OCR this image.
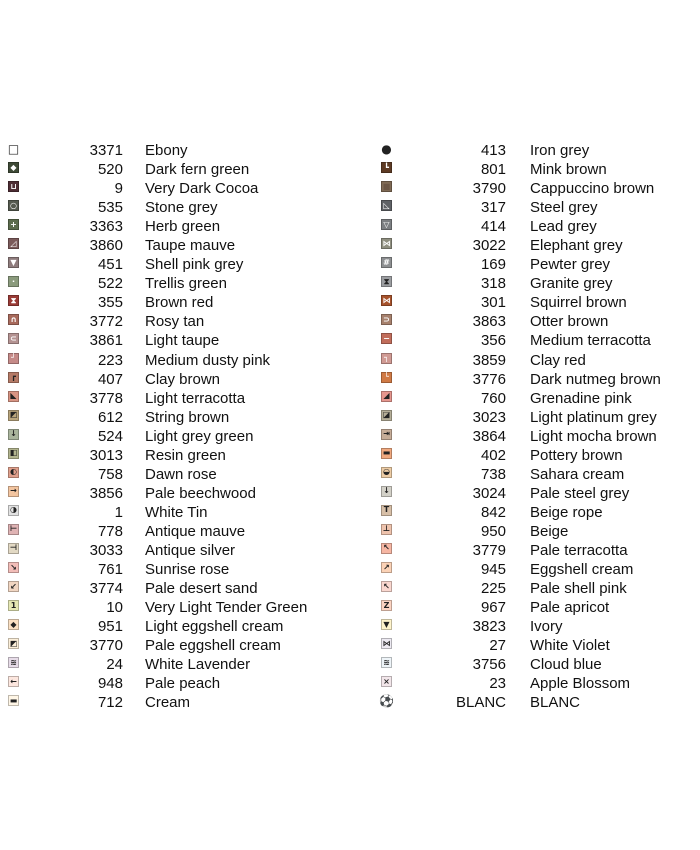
□	3371 Ebony
◆	520 Dark fern green
⊔	9 Very Dark Cocoa
○	535 Stone grey
+	3363 Herb green
◿	3860 Taupe mauve
▼	451 Shell pink grey
·	522 Trellis green
⧗	355 Brown red
∩	3772 Rosy tan
⊂	3861 Light taupe
┘	223 Medium dusty pink
┏	407 Clay brown
◣	3778 Light terracotta
◩	612 String brown
↓	524 Light grey green
◧	3013 Resin green
◐	758 Dawn rose
→	3856 Pale beechwood
◑	1 White Tin
⊢	778 Antique mauve
⊣	3033 Antique silver
↘	761 Sunrise rose
↙	3774 Pale desert sand
1	10 Very Light Tender Green
◆	951 Light eggshell cream
◩	3770 Pale eggshell cream
≋	24 White Lavender
←	948 Pale peach
▬	712 Cream
●	413 Iron grey
┗	801 Mink brown
■	3790 Cappuccino brown
◺	317 Steel grey
▽	414 Lead grey
⋈	3022 Elephant grey
#	169 Pewter grey
⧗	318 Granite grey
⋈	301 Squirrel brown
⊃	3863 Otter brown
−	356 Medium terracotta
┐	3859 Clay red
└	3776 Dark nutmeg brown
◢	760 Grenadine pink
◪	3023 Light platinum grey
⇥	3864 Light mocha brown
▬	402 Pottery brown
◒	738 Sahara cream
↓	3024 Pale steel grey
T	842 Beige rope
⊥	950 Beige
↖	3779 Pale terracotta
↗	945 Eggshell cream
↖	225 Pale shell pink
Z	967 Pale apricot
▼	3823 Ivory
⋈	27 White Violet
≋	3756 Cloud blue
×	23 Apple Blossom
⚽	BLANC BLANC
